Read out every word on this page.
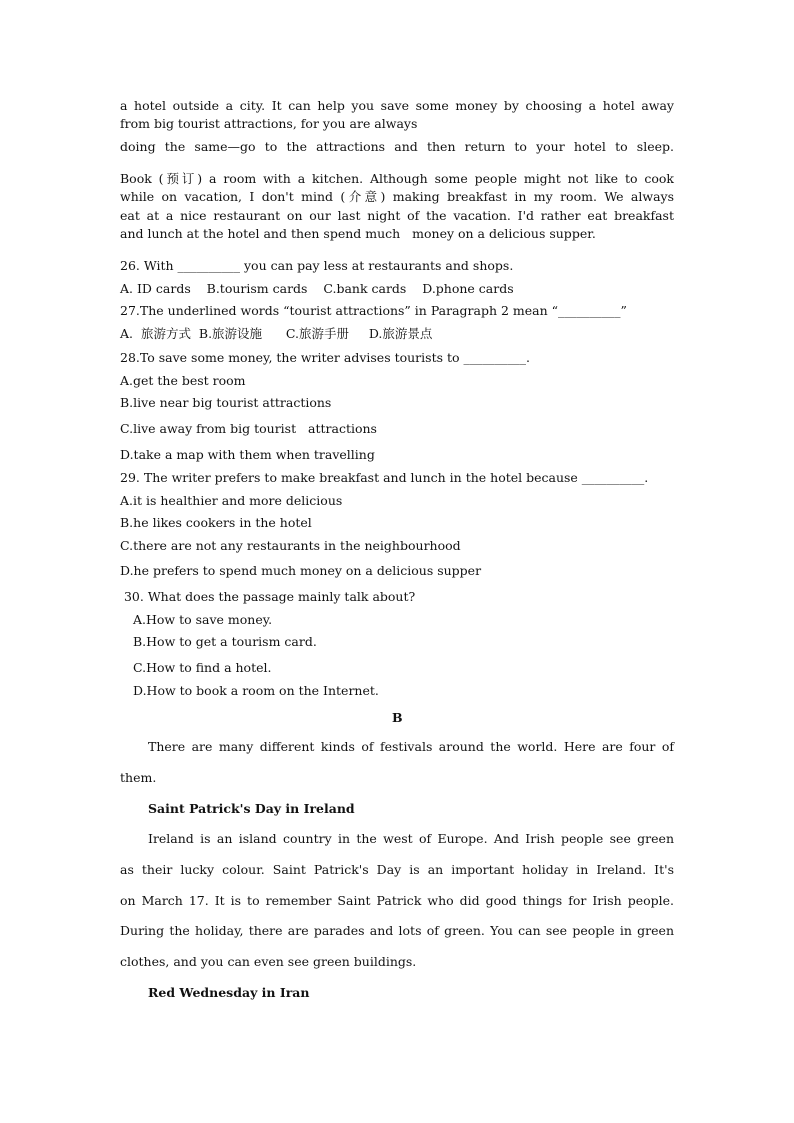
a hotel outside a city. It can help you save some money by choosing a hotel away
from big tourist attractions, for you are always
doing the same—go to the attractions and then return to your hotel to sleep.
Book (预订) a room with a kitchen. Although some people might not like to cook
while on vacation, I don't mind (介意) making breakfast in my room. We always
eat at a nice restaurant on our last night of the vacation. I'd rather eat breakfast
and lunch at the hotel and then spend much   money on a delicious supper.
26. With __________ you can pay less at restaurants and shops.
A. ID cards    B.tourism cards    C.bank cards    D.phone cards
27.The underlined words “tourist attractions” in Paragraph 2 mean “__________”
A.  旅游方式  B.旅游设施      C.旅游手册     D.旅游景点
28.To save some money, the writer advises tourists to __________.
A.get the best room
B.live near big tourist attractions
C.live away from big tourist   attractions
D.take a map with them when travelling
29. The writer prefers to make breakfast and lunch in the hotel because __________.
A.it is healthier and more delicious
B.he likes cookers in the hotel
C.there are not any restaurants in the neighbourhood
D.he prefers to spend much money on a delicious supper
30. What does the passage mainly talk about?
A.How to save money.
B.How to get a tourism card.
C.How to find a hotel.
D.How to book a room on the Internet.
B
There are many different kinds of festivals around the world. Here are four of
them.
Saint Patrick's Day in Ireland
Ireland is an island country in the west of Europe. And Irish people see green
as their lucky colour. Saint Patrick's Day is an important holiday in Ireland. It's
on March 17. It is to remember Saint Patrick who did good things for Irish people.
During the holiday, there are parades and lots of green. You can see people in green
clothes, and you can even see green buildings.
Red Wednesday in Iran
